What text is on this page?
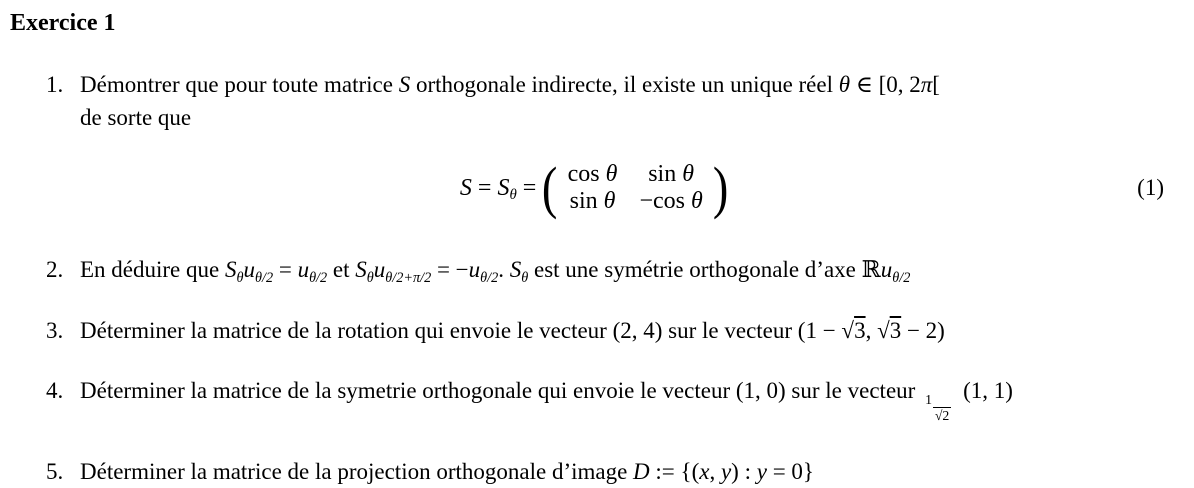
Exercice 1
1. Démontrer que pour toute matrice S orthogonale indirecte, il existe un unique réel θ ∈ [0, 2π[
de sorte que
$S = S_\theta$ = ( cos θ	sin θ
sin θ −cos θ )	(1)
2. En déduire que $S_\theta u_{\theta/2} = u_{\theta/2}$ et $S_\theta u_{\theta/2+\pi/2} = -u_{\theta/2}$. $S_\theta$ est une symétrie orthogonale d’axe ℝu$_{\theta/2}$
3. Déterminer la matrice de la rotation qui envoie le vecteur (2, 4) sur le vecteur (1 − √3, √3 − 2)
4. Déterminer la matrice de la symetrie orthogonale qui envoie le vecteur (1, 0) sur le vecteur
$\frac{1}{√2}$
(1, 1)
5. Déterminer la matrice de la projection orthogonale d’image D := {(x, y) : y = 0}
